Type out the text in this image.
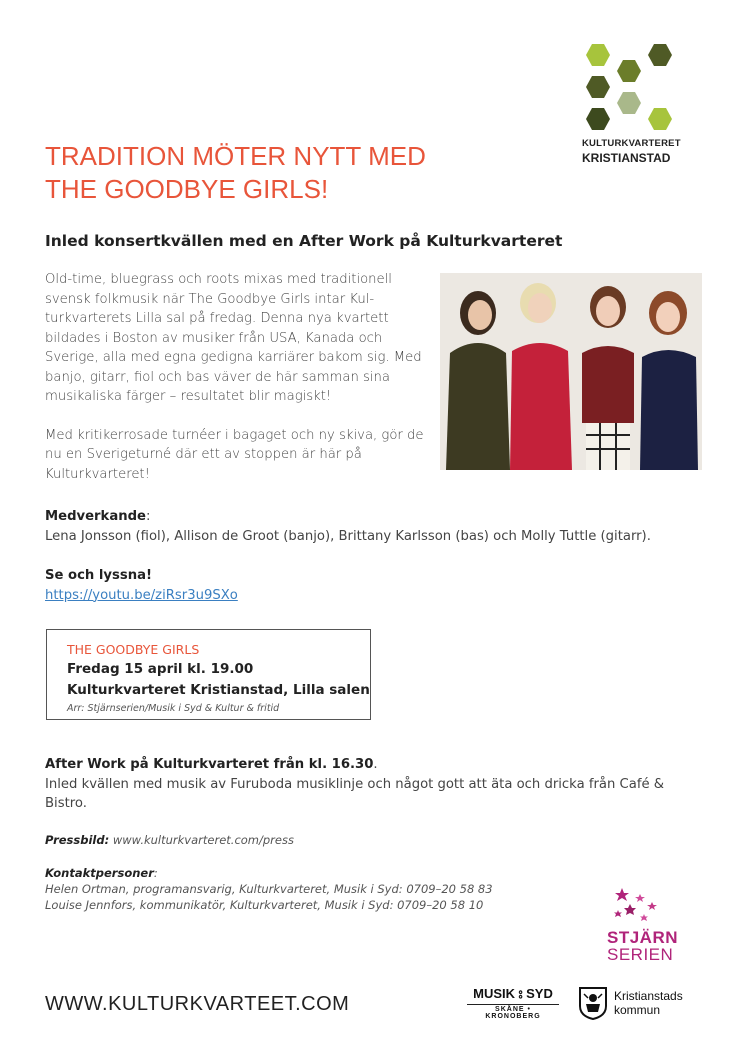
KULTURKVARTERET
KRISTIANSTAD
TRADITION MÖTER NYTT MED
THE GOODBYE GIRLS!
Inled konsertkvällen med en After Work på Kulturkvarteret

Old-time, bluegrass och roots mixas med traditionell svensk folkmusik när The Goodbye Girls intar Kul-turkvarterets Lilla sal på fredag. Denna nya kvartett bildades i Boston av musiker från USA, Kanada och Sverige, alla med egna gedigna karriärer bakom sig. Med banjo, gitarr, fiol och bas väver de här samman sina musikaliska färger – resultatet blir magiskt!

Med kritikerrosade turnéer i bagaget och ny skiva, gör de nu en Sverigeturné där ett av stoppen är här på Kulturkvarteret!

Medverkande:
Lena Jonsson (fiol), Allison de Groot (banjo), Brittany Karlsson (bas) och Molly Tuttle (gitarr).
Se och lyssna!
https://youtu.be/ziRsr3u9SXo
THE GOODBYE GIRLS
Fredag 15 april kl. 19.00
Kulturkvarteret Kristianstad, Lilla salen
Arr: Stjärnserien/Musik i Syd & Kultur & fritid
After Work på Kulturkvarteret från kl. 16.30.
Inled kvällen med musik av Furuboda musiklinje och något gott att äta och dricka från Café & Bistro.
Pressbild: www.kulturkvarteret.com/press
Kontaktpersoner:
Helen Ortman, programansvarig, Kulturkvarteret, Musik i Syd: 0709–20 58 83
Louise Jennfors, kommunikatör, Kulturkvarteret, Musik i Syd: 0709–20 58 10
STJÄRN
SERIEN
WWW.KULTURKVARTEET.COM	MUSIK ⦂ SYD
SKÅNE • KRONOBERG
Kristianstads
kommun
